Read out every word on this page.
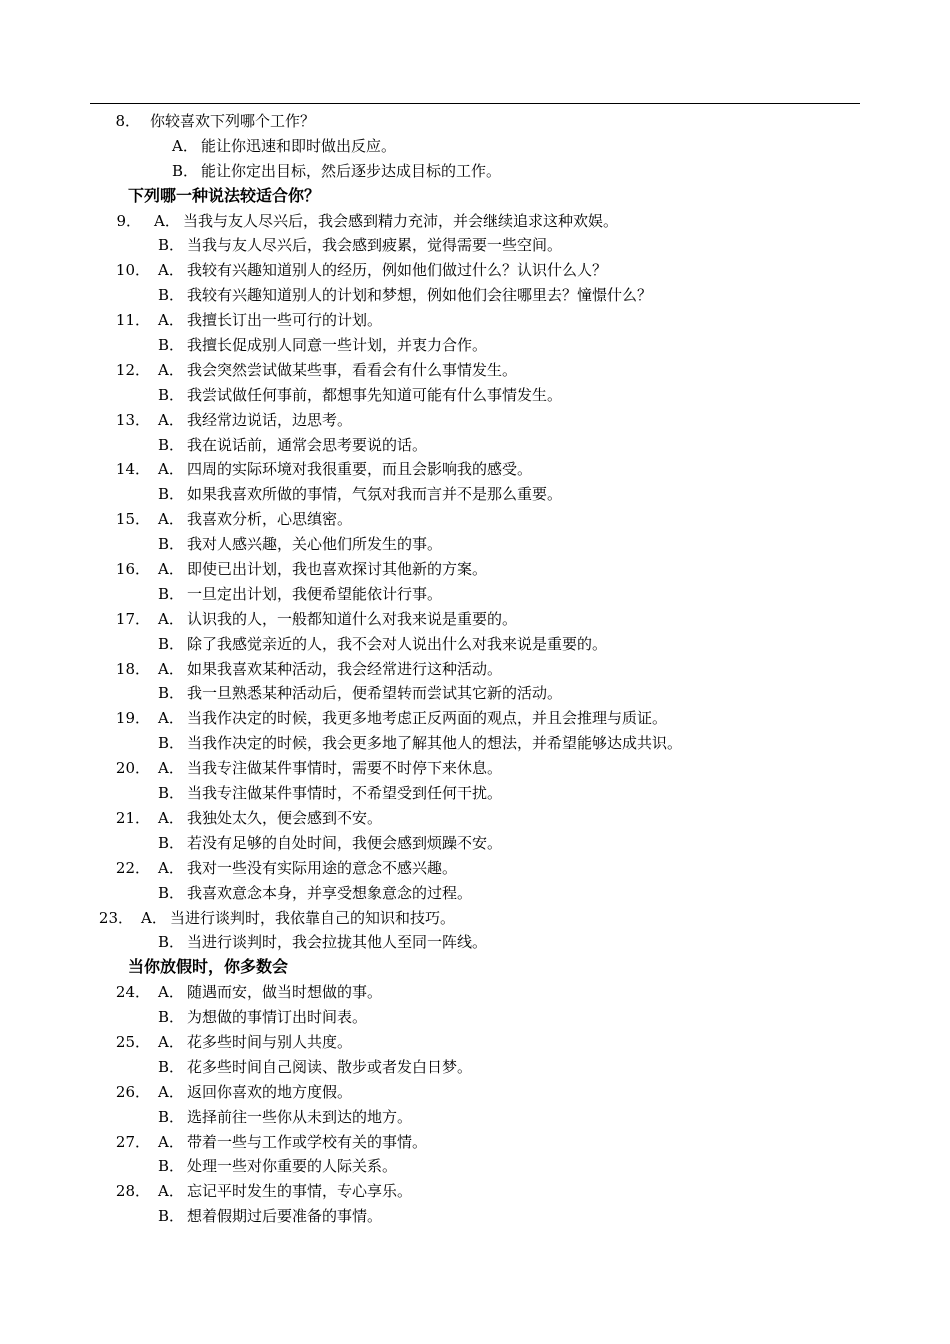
8． 你较喜欢下列哪个工作？
A． 能让你迅速和即时做出反应。
B． 能让你定出目标，然后逐步达成目标的工作。
下列哪一种说法较适合你？
9． A． 当我与友人尽兴后，我会感到精力充沛，并会继续追求这种欢娱。
B． 当我与友人尽兴后，我会感到疲累，觉得需要一些空间。
10． A． 我较有兴趣知道别人的经历，例如他们做过什么？认识什么人？
B． 我较有兴趣知道别人的计划和梦想，例如他们会往哪里去？憧憬什么？
11． A． 我擅长订出一些可行的计划。
B． 我擅长促成别人同意一些计划，并衷力合作。
12． A． 我会突然尝试做某些事，看看会有什么事情发生。
B． 我尝试做任何事前，都想事先知道可能有什么事情发生。
13． A． 我经常边说话，边思考。
B． 我在说话前，通常会思考要说的话。
14． A． 四周的实际环境对我很重要，而且会影响我的感受。
B． 如果我喜欢所做的事情，气氛对我而言并不是那么重要。
15． A． 我喜欢分析，心思缜密。
B． 我对人感兴趣，关心他们所发生的事。
16． A． 即使已出计划，我也喜欢探讨其他新的方案。
B． 一旦定出计划，我便希望能依计行事。
17． A． 认识我的人，一般都知道什么对我来说是重要的。
B． 除了我感觉亲近的人，我不会对人说出什么对我来说是重要的。
18． A． 如果我喜欢某种活动，我会经常进行这种活动。
B． 我一旦熟悉某种活动后，便希望转而尝试其它新的活动。
19． A． 当我作决定的时候，我更多地考虑正反两面的观点，并且会推理与质证。
B． 当我作决定的时候，我会更多地了解其他人的想法，并希望能够达成共识。
20． A． 当我专注做某件事情时，需要不时停下来休息。
B． 当我专注做某件事情时，不希望受到任何干扰。
21． A． 我独处太久，便会感到不安。
B． 若没有足够的自处时间，我便会感到烦躁不安。
22． A． 我对一些没有实际用途的意念不感兴趣。
B． 我喜欢意念本身，并享受想象意念的过程。
23． A． 当进行谈判时，我依靠自己的知识和技巧。
B． 当进行谈判时，我会拉拢其他人至同一阵线。
当你放假时，你多数会
24． A． 随遇而安，做当时想做的事。
B． 为想做的事情订出时间表。
25． A． 花多些时间与别人共度。
B． 花多些时间自己阅读、散步或者发白日梦。
26． A． 返回你喜欢的地方度假。
B． 选择前往一些你从未到达的地方。
27． A． 带着一些与工作或学校有关的事情。
B． 处理一些对你重要的人际关系。
28． A． 忘记平时发生的事情，专心享乐。
B． 想着假期过后要准备的事情。
